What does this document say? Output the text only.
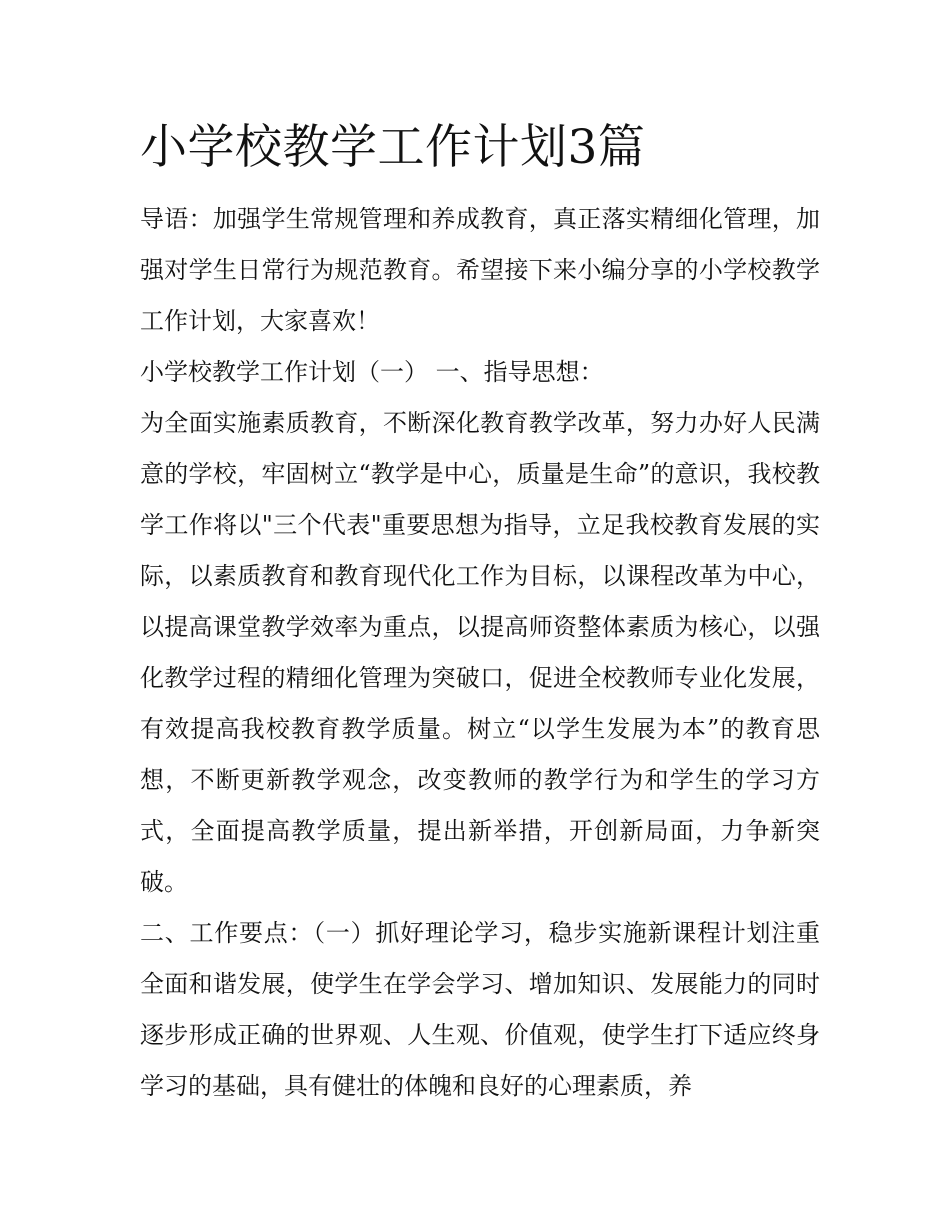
小学校教学工作计划3篇

导语：加强学生常规管理和养成教育，真正落实精细化管理，加强对学生日常行为规范教育。希望接下来小编分享的小学校教学工作计划，大家喜欢！

小学校教学工作计划（一） 一、指导思想：

为全面实施素质教育，不断深化教育教学改革，努力办好人民满意的学校，牢固树立“教学是中心，质量是生命”的意识，我校教学工作将以"三个代表"重要思想为指导，立足我校教育发展的实际，以素质教育和教育现代化工作为目标，以课程改革为中心，以提高课堂教学效率为重点，以提高师资整体素质为核心，以强化教学过程的精细化管理为突破口，促进全校教师专业化发展，有效提高我校教育教学质量。树立“以学生发展为本”的教育思想，不断更新教学观念，改变教师的教学行为和学生的学习方式，全面提高教学质量，提出新举措，开创新局面，力争新突破。

二、工作要点：（一）抓好理论学习，稳步实施新课程计划注重全面和谐发展，使学生在学会学习、增加知识、发展能力的同时逐步形成正确的世界观、人生观、价值观，使学生打下适应终身学习的基础，具有健壮的体魄和良好的心理素质，养
